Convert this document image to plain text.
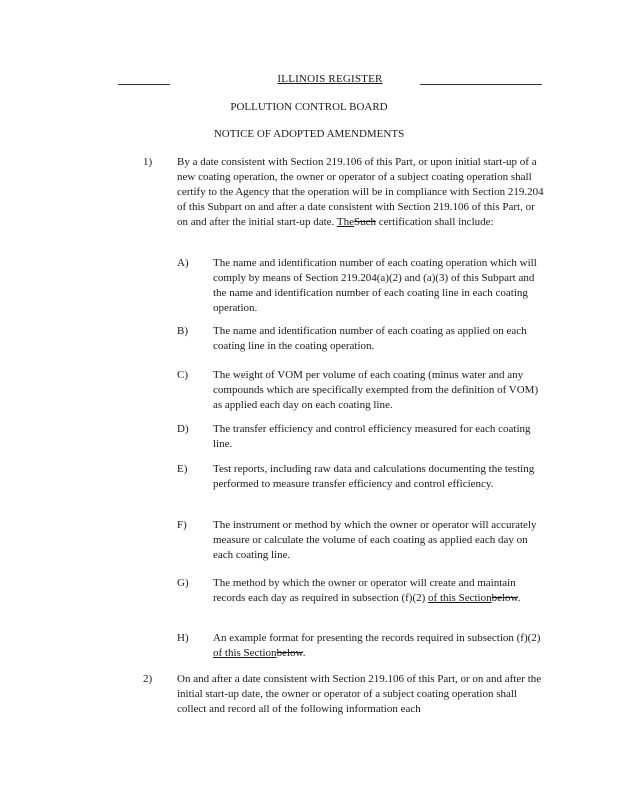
ILLINOIS REGISTER
POLLUTION CONTROL BOARD
NOTICE OF ADOPTED AMENDMENTS
1) By a date consistent with Section 219.106 of this Part, or upon initial start-up of a new coating operation, the owner or operator of a subject coating operation shall certify to the Agency that the operation will be in compliance with Section 219.204 of this Subpart on and after a date consistent with Section 219.106 of this Part, or on and after the initial start-up date. TheSuch certification shall include:
A) The name and identification number of each coating operation which will comply by means of Section 219.204(a)(2) and (a)(3) of this Subpart and the name and identification number of each coating line in each coating operation.
B) The name and identification number of each coating as applied on each coating line in the coating operation.
C) The weight of VOM per volume of each coating (minus water and any compounds which are specifically exempted from the definition of VOM) as applied each day on each coating line.
D) The transfer efficiency and control efficiency measured for each coating line.
E) Test reports, including raw data and calculations documenting the testing performed to measure transfer efficiency and control efficiency.
F) The instrument or method by which the owner or operator will accurately measure or calculate the volume of each coating as applied each day on each coating line.
G) The method by which the owner or operator will create and maintain records each day as required in subsection (f)(2) of this Sectionbelow.
H) An example format for presenting the records required in subsection (f)(2) of this Sectionbelow.
2) On and after a date consistent with Section 219.106 of this Part, or on and after the initial start-up date, the owner or operator of a subject coating operation shall collect and record all of the following information each
